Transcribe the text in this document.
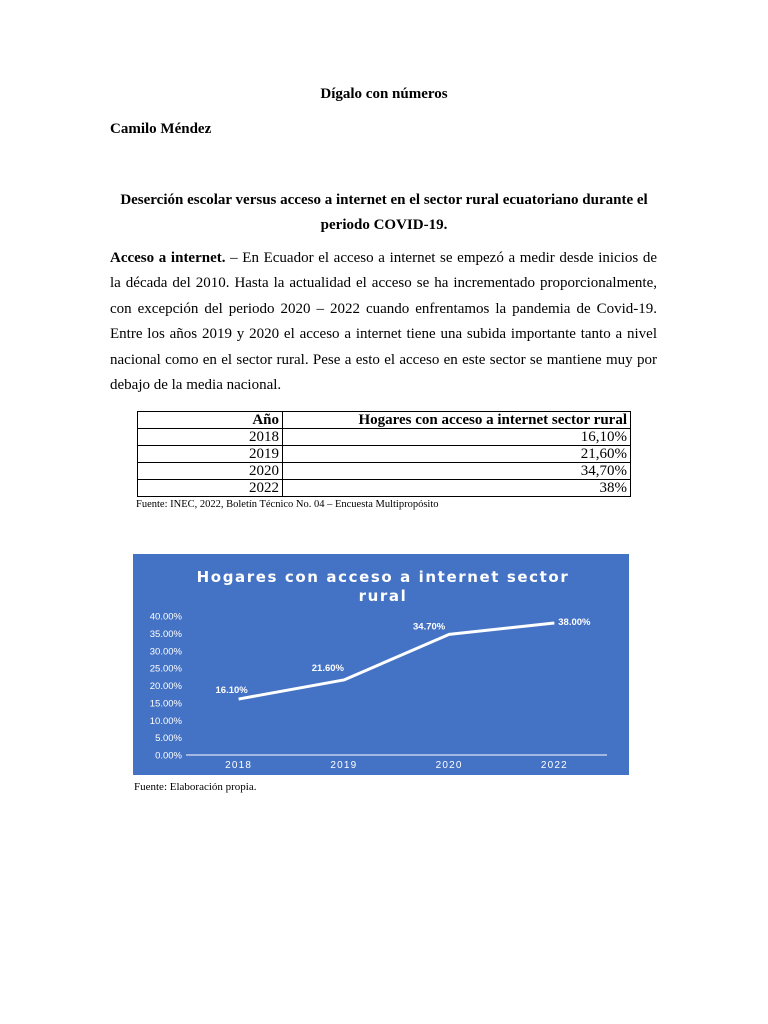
Dígalo con números
Camilo Méndez
Deserción escolar versus acceso a internet en el sector rural ecuatoriano durante el
periodo COVID-19.
Acceso a internet. – En Ecuador el acceso a internet se empezó a medir desde inicios de la década del 2010. Hasta la actualidad el acceso se ha incrementado proporcionalmente, con excepción del periodo 2020 – 2022 cuando enfrentamos la pandemia de Covid-19. Entre los años 2019 y 2020 el acceso a internet tiene una subida importante tanto a nivel nacional como en el sector rural. Pese a esto el acceso en este sector se mantiene muy por debajo de la media nacional.
Año	Hogares con acceso a internet sector rural
2018	16,10%
2019	21,60%
2020	34,70%
2022	38%
Fuente: INEC, 2022, Boletín Técnico No. 04 – Encuesta Multipropósito
Hogares con acceso a internet sector
rural
0.00%
5.00%
10.00%
15.00%
20.00%
25.00%
30.00%
35.00%
40.00%
2018	2019	2020	2022
16.10%
21.60%
34.70%	38.00%
Fuente: Elaboración propia.
